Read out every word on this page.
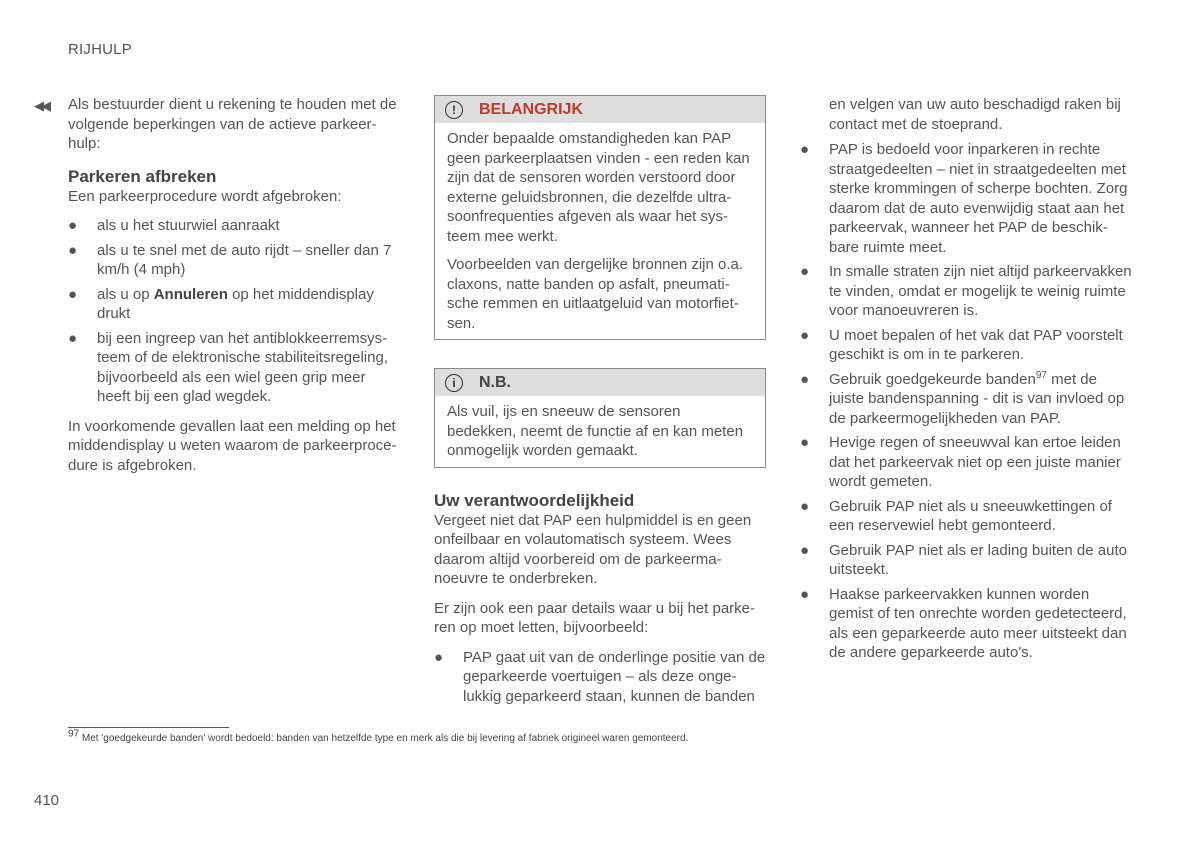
RIJHULP
◀◀ Als bestuurder dient u rekening te houden met de volgende beperkingen van de actieve parkeer-hulp:

Parkeren afbreken

Een parkeerprocedure wordt afgebroken:

● als u het stuurwiel aanraakt
● als u te snel met de auto rijdt – sneller dan 7 km/h (4 mph)
● als u op Annuleren op het middendisplay drukt
● bij een ingreep van het antiblokkeerremsys-teem of de elektronische stabiliteitsregeling, bijvoorbeeld als een wiel geen grip meer heeft bij een glad wegdek.

In voorkomende gevallen laat een melding op het middendisplay u weten waarom de parkeerproce-dure is afgebroken.

!	BELANGRIJK

Onder bepaalde omstandigheden kan PAP geen parkeerplaatsen vinden - een reden kan zijn dat de sensoren worden verstoord door externe geluidsbronnen, die dezelfde ultra-soonfrequenties afgeven als waar het sys-teem mee werkt.

Voorbeelden van dergelijke bronnen zijn o.a. claxons, natte banden op asfalt, pneumati-sche remmen en uitlaatgeluid van motorfiet-sen.

i	N.B.

Als vuil, ijs en sneeuw de sensoren bedekken, neemt de functie af en kan meten onmogelijk worden gemaakt.

Uw verantwoordelijkheid

Vergeet niet dat PAP een hulpmiddel is en geen onfeilbaar en volautomatisch systeem. Wees daarom altijd voorbereid om de parkeerma-noeuvre te onderbreken.

Er zijn ook een paar details waar u bij het parke-ren op moet letten, bijvoorbeeld:

● PAP gaat uit van de onderlinge positie van de geparkeerde voertuigen – als deze onge-lukkig geparkeerd staan, kunnen de banden

en velgen van uw auto beschadigd raken bij contact met de stoeprand.

● PAP is bedoeld voor inparkeren in rechte straatgedeelten – niet in straatgedeelten met sterke krommingen of scherpe bochten. Zorg daarom dat de auto evenwijdig staat aan het parkeervak, wanneer het PAP de beschik-bare ruimte meet.
● In smalle straten zijn niet altijd parkeervakken te vinden, omdat er mogelijk te weinig ruimte voor manoeuvreren is.
● U moet bepalen of het vak dat PAP voorstelt geschikt is om in te parkeren.
● Gebruik goedgekeurde banden$^{97}$ met de juiste bandenspanning - dit is van invloed op de parkeermogelijkheden van PAP.
● Hevige regen of sneeuwval kan ertoe leiden dat het parkeervak niet op een juiste manier wordt gemeten.
● Gebruik PAP niet als u sneeuwkettingen of een reservewiel hebt gemonteerd.
● Gebruik PAP niet als er lading buiten de auto uitsteekt.
● Haakse parkeervakken kunnen worden gemist of ten onrechte worden gedetecteerd, als een geparkeerde auto meer uitsteekt dan de andere geparkeerde auto's.
$^{97}$ Met 'goedgekeurde banden' wordt bedoeld: banden van hetzelfde type en merk als die bij levering af fabriek origineel waren gemonteerd.
410
